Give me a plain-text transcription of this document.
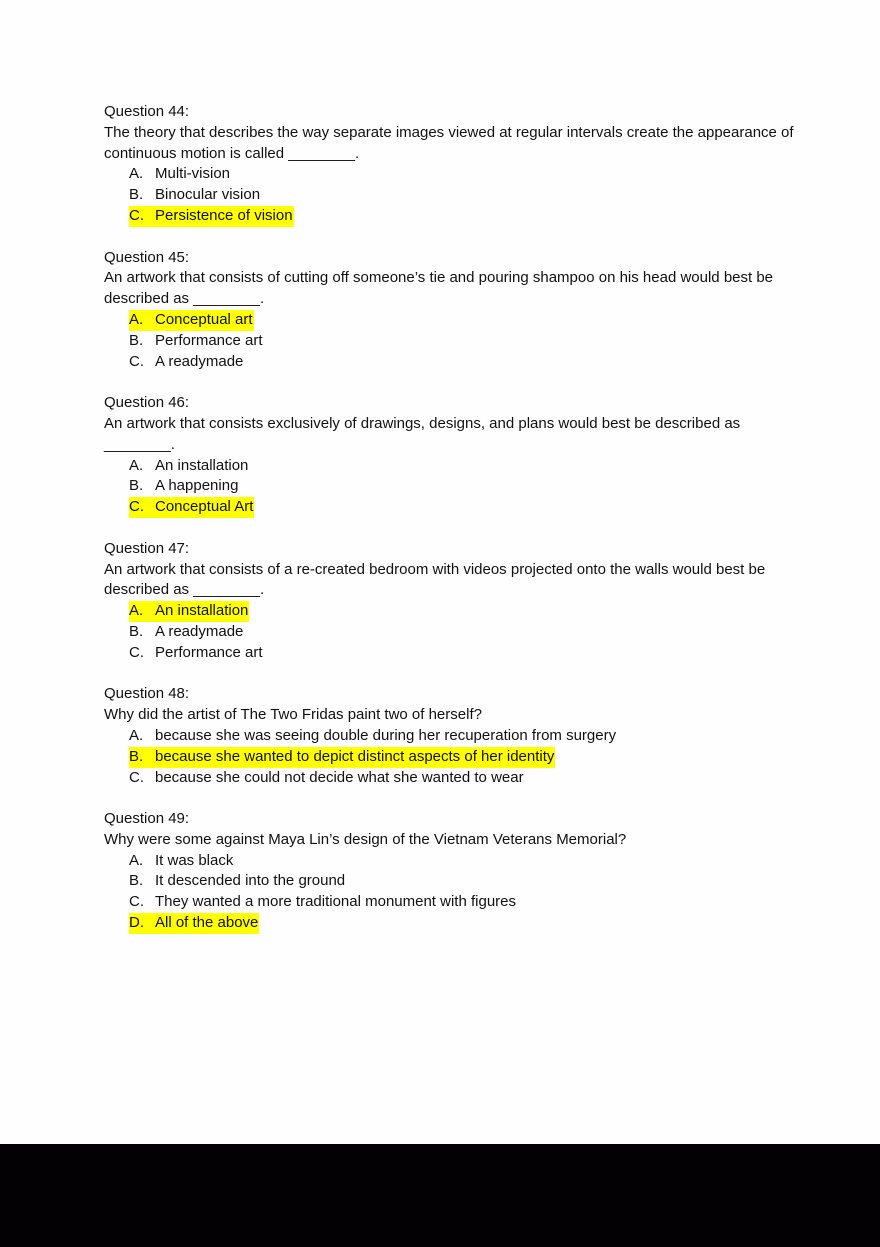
Question 44:
The theory that describes the way separate images viewed at regular intervals create the appearance of continuous motion is called ________.
A. Multi-vision
B. Binocular vision
C. Persistence of vision
Question 45:
An artwork that consists of cutting off someone’s tie and pouring shampoo on his head would best be described as ________.
A. Conceptual art
B. Performance art
C. A readymade
Question 46:
An artwork that consists exclusively of drawings, designs, and plans would best be described as ________.
A. An installation
B. A happening
C. Conceptual Art
Question 47:
An artwork that consists of a re-created bedroom with videos projected onto the walls would best be described as ________.
A. An installation
B. A readymade
C. Performance art
Question 48:
Why did the artist of The Two Fridas paint two of herself?
A. because she was seeing double during her recuperation from surgery
B. because she wanted to depict distinct aspects of her identity
C. because she could not decide what she wanted to wear
Question 49:
Why were some against Maya Lin’s design of the Vietnam Veterans Memorial?
A. It was black
B. It descended into the ground
C. They wanted a more traditional monument with figures
D. All of the above
